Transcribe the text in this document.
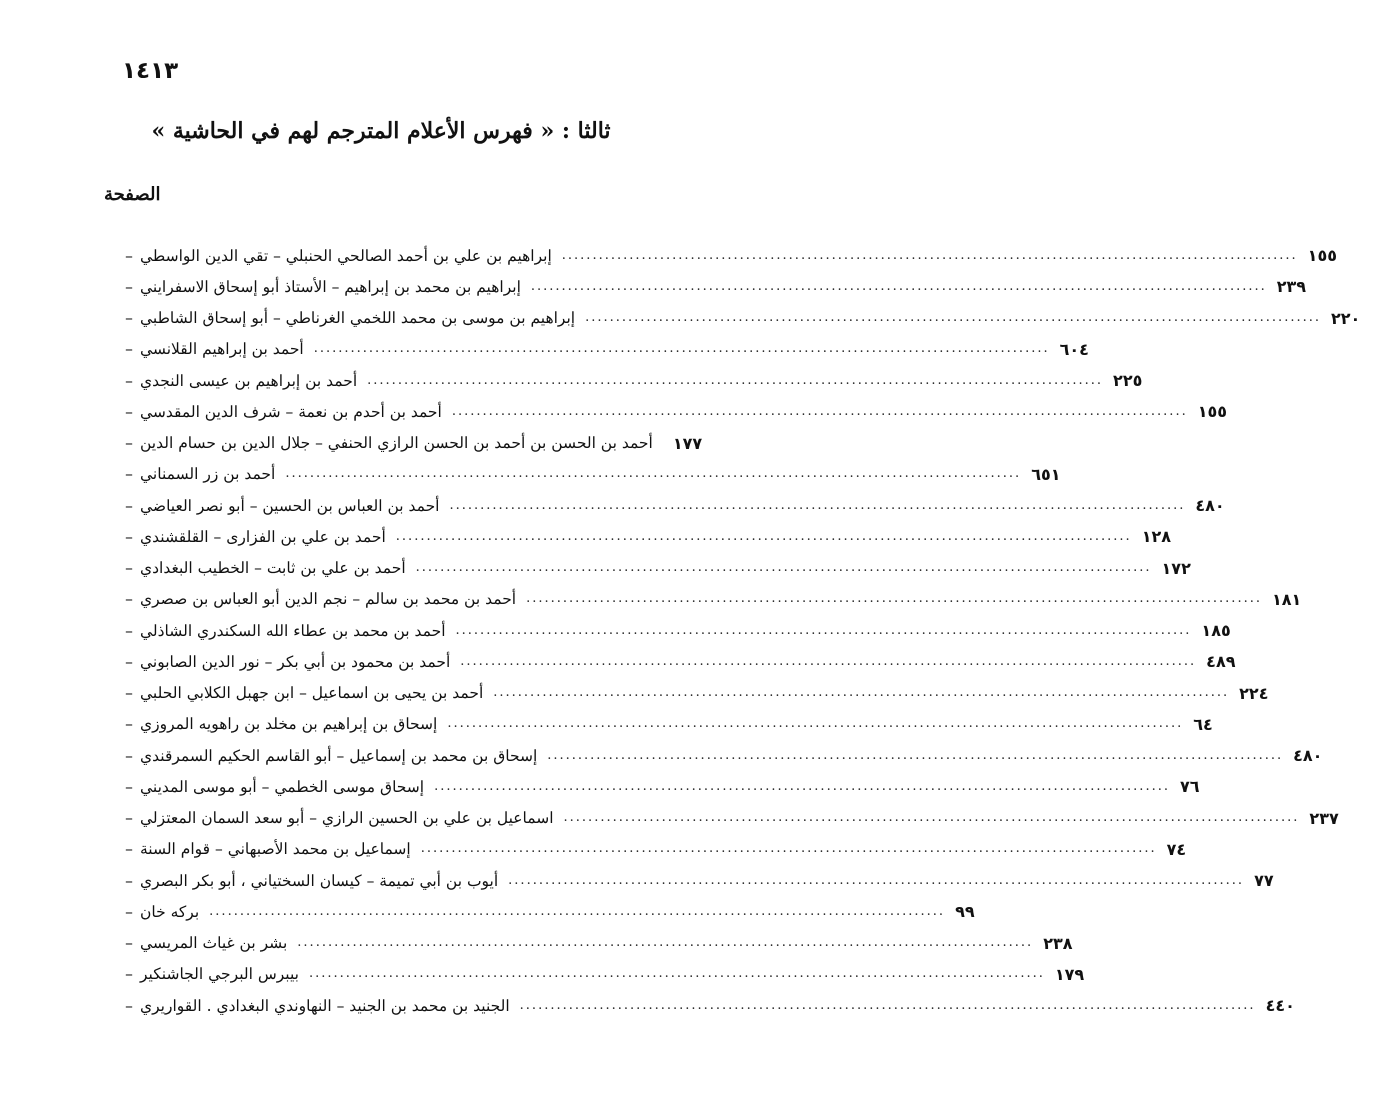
١٤١٣
ثالثا : « فهرس الأعلام المترجم لهم في الحاشية »
الصفحة
– إبراهيم بن علي بن أحمد الصالحي الحنبلي – تقي الدين الواسطي ........................................................................................................................ ١٥٥
– إبراهيم بن محمد بن إبراهيم – الأستاذ أبو إسحاق الاسفرايني ........................................................................................................................ ٢٣٩
– إبراهيم بن موسى بن محمد اللخمي الغرناطي – أبو إسحاق الشاطبي ........................................................................................................................ ٢٢٠
– أحمد بن إبراهيم القلانسي ........................................................................................................................ ٦٠٤
– أحمد بن إبراهيم بن عيسى النجدي ........................................................................................................................ ٢٢٥
– أحمد بن أحدم بن نعمة – شرف الدين المقدسي ........................................................................................................................ ١٥٥
– أحمد بن الحسن بن أحمد بن الحسن الرازي الحنفي – جلال الدين بن حسام الدين ١٧٧
– أحمد بن زر السمناني ........................................................................................................................ ٦٥١
– أحمد بن العباس بن الحسين – أبو نصر العياضي ........................................................................................................................ ٤٨٠
– أحمد بن علي بن الفزارى – القلقشندي ........................................................................................................................ ١٢٨
– أحمد بن علي بن ثابت – الخطيب البغدادي ........................................................................................................................ ١٧٢
– أحمد بن محمد بن سالم – نجم الدين أبو العباس بن صصري ........................................................................................................................ ١٨١
– أحمد بن محمد بن عطاء الله السكندري الشاذلي ........................................................................................................................ ١٨٥
– أحمد بن محمود بن أبي بكر – نور الدين الصابوني ........................................................................................................................ ٤٨٩
– أحمد بن يحيى بن اسماعيل – ابن جهبل الكلابي الحلبي ........................................................................................................................ ٢٢٤
– إسحاق بن إبراهيم بن مخلد بن راهويه المروزي ........................................................................................................................ ٦٤
– إسحاق بن محمد بن إسماعيل – أبو القاسم الحكيم السمرقندي ........................................................................................................................ ٤٨٠
– إسحاق موسى الخطمي – أبو موسى المديني ........................................................................................................................ ٧٦
– اسماعيل بن علي بن الحسين الرازي – أبو سعد السمان المعتزلي ........................................................................................................................ ٢٣٧
– إسماعيل بن محمد الأصبهاني – قوام السنة ........................................................................................................................ ٧٤
– أيوب بن أبي تميمة – كيسان السختياني ، أبو بكر البصري ........................................................................................................................ ٧٧
– بركه خان ........................................................................................................................ ٩٩
– بشر بن غياث المريسي ........................................................................................................................ ٢٣٨
– بيبرس البرجي الجاشنكير ........................................................................................................................ ١٧٩
– الجنيد بن محمد بن الجنيد – النهاوندي البغدادي . القواريري ........................................................................................................................ ٤٤٠
